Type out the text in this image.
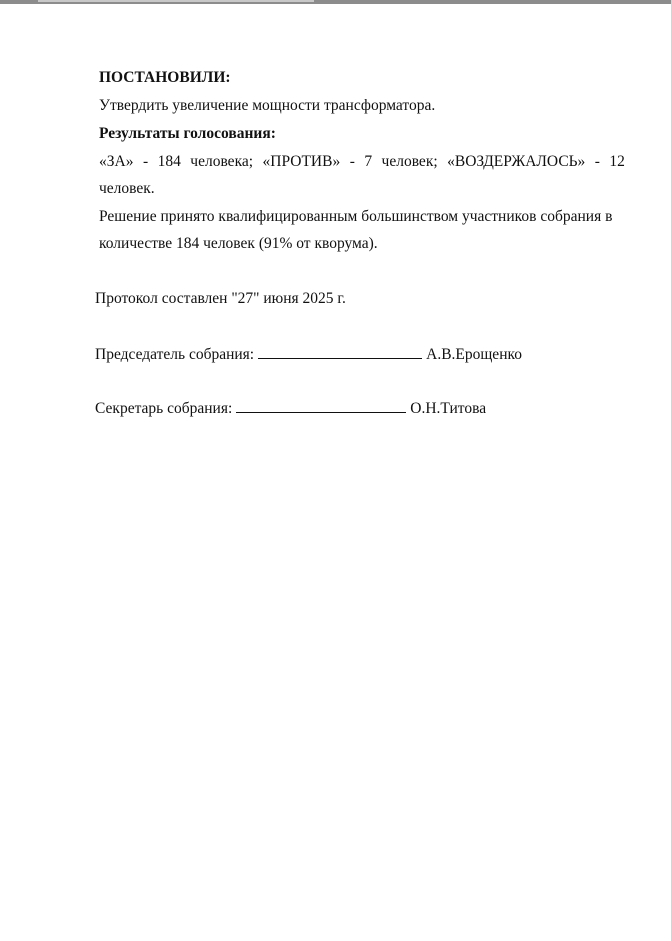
ПОСТАНОВИЛИ:
Утвердить увеличение мощности трансформатора.
Результаты голосования:
«ЗА» - 184 человека; «ПРОТИВ» - 7 человек; «ВОЗДЕРЖАЛОСЬ» - 12
человек.
Решение принято квалифицированным большинством участников собрания в
количестве 184 человек (91% от кворума).
Протокол составлен "27" июня 2025 г.
Председатель собрания:	А.В.Ерощенко
Секретарь собрания:	О.Н.Титова
